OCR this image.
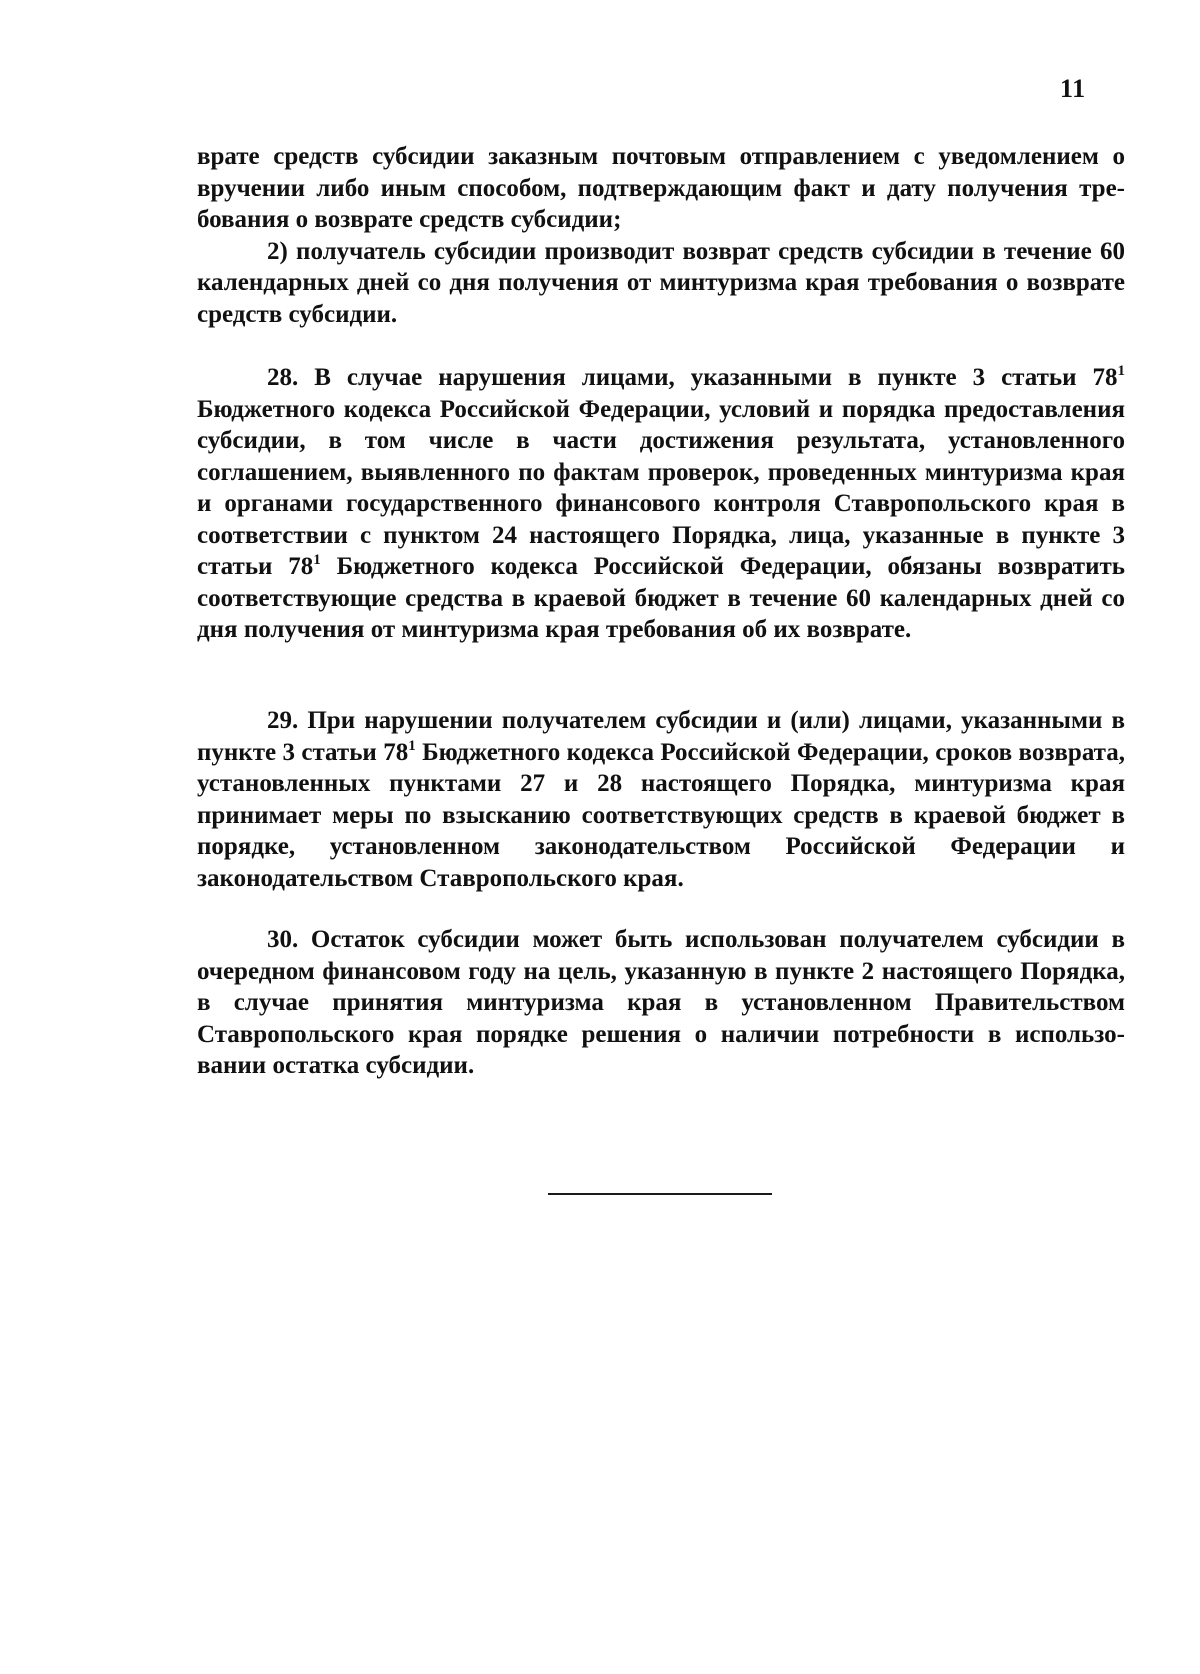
11

врате средств субсидии заказным почтовым отправлением с уведомлением о вручении либо иным способом, подтверждающим факт и дату получения требования о возврате средств субсидии;

2) получатель субсидии производит возврат средств субсидии в течение 60 календарных дней со дня получения от минтуризма края требования о возврате средств субсидии.

28. В случае нарушения лицами, указанными в пункте 3 статьи $78^1$ Бюджетного кодекса Российской Федерации, условий и порядка предоставления субсидии, в том числе в части достижения результата, установленного соглашением, выявленного по фактам проверок, проведенных минтуризма края и органами государственного финансового контроля Ставропольского края в соответствии с пунктом 24 настоящего Порядка, лица, указанные в пункте 3 статьи $78^1$ Бюджетного кодекса Российской Федерации, обязаны возвратить соответствующие средства в краевой бюджет в течение 60 календарных дней со дня получения от минтуризма края требования об их возврате.

29. При нарушении получателем субсидии и (или) лицами, указанными в пункте 3 статьи $78^1$ Бюджетного кодекса Российской Федерации, сроков возврата, установленных пунктами 27 и 28 настоящего Порядка, минтуризма края принимает меры по взысканию соответствующих средств в краевой бюджет в порядке, установленном законодательством Российской Федерации и законодательством Ставропольского края.

30. Остаток субсидии может быть использован получателем субсидии в очередном финансовом году на цель, указанную в пункте 2 настоящего Порядка, в случае принятия минтуризма края в установленном Правительством Ставропольского края порядке решения о наличии потребности в использовании остатка субсидии.
